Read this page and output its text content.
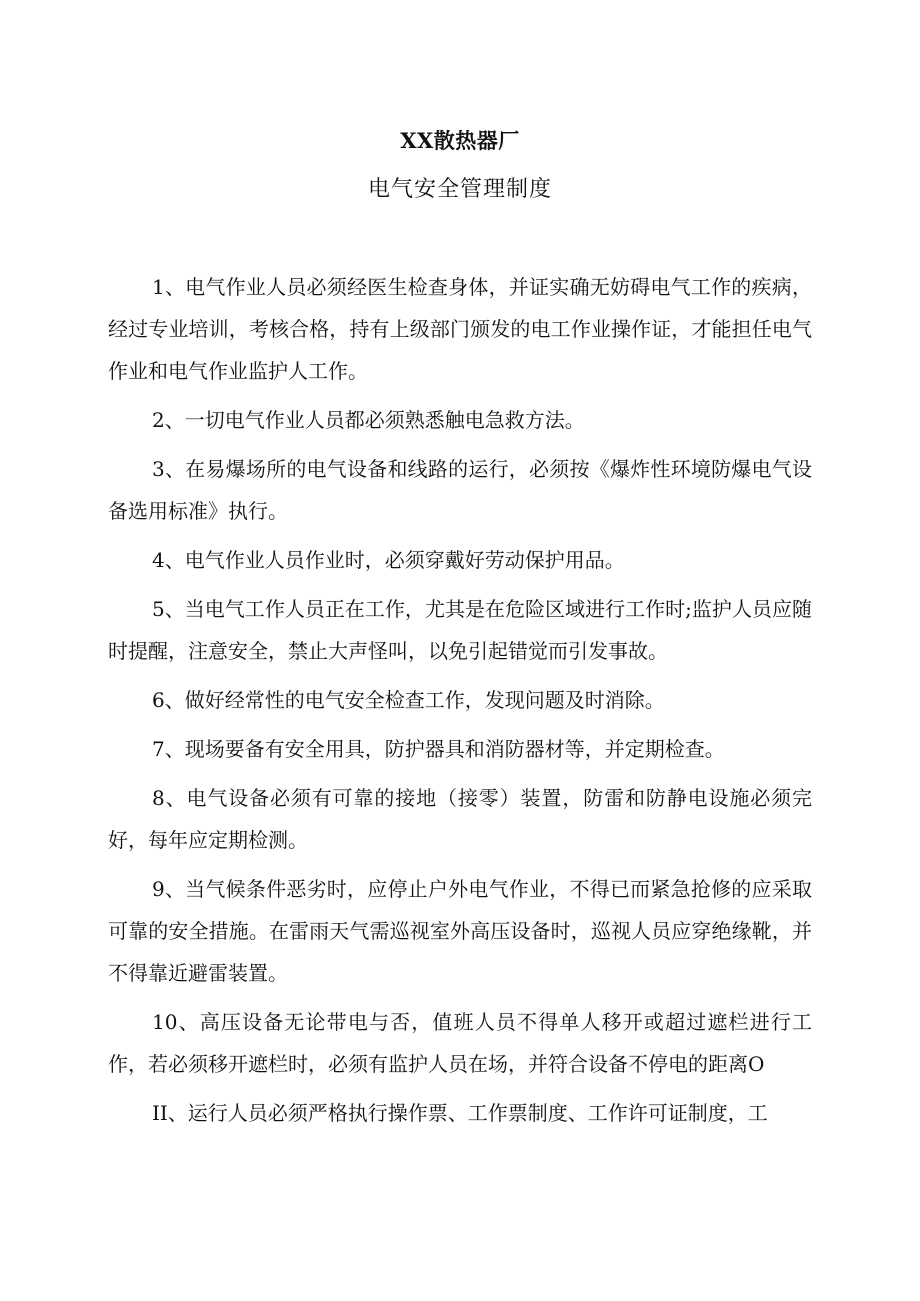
XX散热器厂
电气安全管理制度

1、电气作业人员必须经医生检查身体，并证实确无妨碍电气工作的疾病，经过专业培训，考核合格，持有上级部门颁发的电工作业操作证，才能担任电气作业和电气作业监护人工作。

2、一切电气作业人员都必须熟悉触电急救方法。

3、在易爆场所的电气设备和线路的运行，必须按《爆炸性环境防爆电气设备选用标准》执行。

4、电气作业人员作业时，必须穿戴好劳动保护用品。

5、当电气工作人员正在工作，尤其是在危险区域进行工作时;监护人员应随时提醒，注意安全，禁止大声怪叫，以免引起错觉而引发事故。

6、做好经常性的电气安全检查工作，发现问题及时消除。

7、现场要备有安全用具，防护器具和消防器材等，并定期检查。

8、电气设备必须有可靠的接地（接零）装置，防雷和防静电设施必须完好，每年应定期检测。

9、当气候条件恶劣时，应停止户外电气作业，不得已而紧急抢修的应采取可靠的安全措施。在雷雨天气需巡视室外高压设备时，巡视人员应穿绝缘靴，并不得靠近避雷装置。

10、高压设备无论带电与否，值班人员不得单人移开或超过遮栏进行工作，若必须移开遮栏时，必须有监护人员在场，并符合设备不停电的距离O

II、运行人员必须严格执行操作票、工作票制度、工作许可证制度，工
